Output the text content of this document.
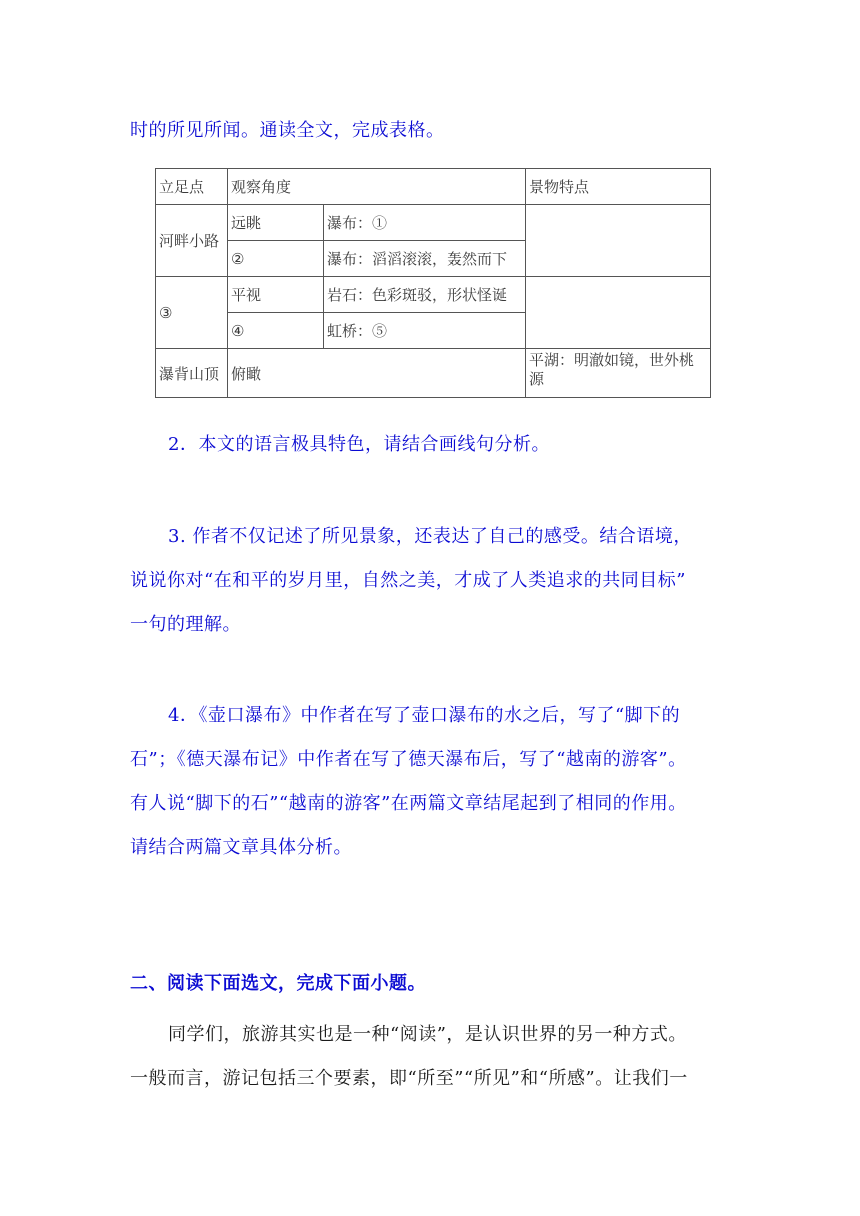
时的所见所闻。通读全文，完成表格。
立足点	观察角度		景物特点
河畔小路	远眺	瀑布：①	
	②	瀑布：滔滔滚滚，轰然而下	
③	平视	岩石：色彩斑驳，形状怪诞	
	④	虹桥：⑤	
瀑背山顶	俯瞰		平湖：明澈如镜，世外桃源
2．本文的语言极具特色，请结合画线句分析。
3. 作者不仅记述了所见景象，还表达了自己的感受。结合语境，
说说你对“在和平的岁月里，自然之美，才成了人类追求的共同目标”
一句的理解。
4．《壶口瀑布》中作者在写了壶口瀑布的水之后，写了“脚下的
石”；《德天瀑布记》中作者在写了德天瀑布后，写了“越南的游客”。
有人说“脚下的石”“越南的游客”在两篇文章结尾起到了相同的作用。
请结合两篇文章具体分析。
二、阅读下面选文，完成下面小题。
同学们，旅游其实也是一种“阅读”，是认识世界的另一种方式。
一般而言，游记包括三个要素，即“所至”“所见”和“所感”。让我们一
